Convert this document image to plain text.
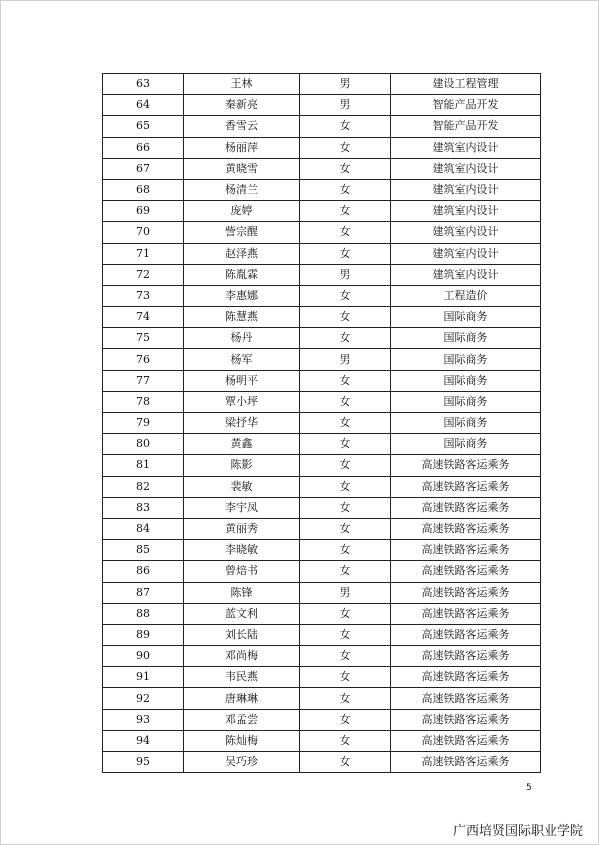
63	王林	男	建设工程管理
64	秦新亮	男	智能产品开发
65	香雪云	女	智能产品开发
66	杨丽萍	女	建筑室内设计
67	黄晓雪	女	建筑室内设计
68	杨清兰	女	建筑室内设计
69	庞婷	女	建筑室内设计
70	訾宗醒	女	建筑室内设计
71	赵泽燕	女	建筑室内设计
72	陈胤霖	男	建筑室内设计
73	李惠娜	女	工程造价
74	陈慧燕	女	国际商务
75	杨丹	女	国际商务
76	杨军	男	国际商务
77	杨明平	女	国际商务
78	覃小坪	女	国际商务
79	梁抒华	女	国际商务
80	黄鑫	女	国际商务
81	陈影	女	高速铁路客运乘务
82	裴敏	女	高速铁路客运乘务
83	李宇凤	女	高速铁路客运乘务
84	黄丽秀	女	高速铁路客运乘务
85	李晓敏	女	高速铁路客运乘务
86	曾焙书	女	高速铁路客运乘务
87	陈锋	男	高速铁路客运乘务
88	蓝文利	女	高速铁路客运乘务
89	刘长陆	女	高速铁路客运乘务
90	邓尚梅	女	高速铁路客运乘务
91	韦民燕	女	高速铁路客运乘务
92	唐琳琳	女	高速铁路客运乘务
93	邓孟尝	女	高速铁路客运乘务
94	陈灿梅	女	高速铁路客运乘务
95	吴巧珍	女	高速铁路客运乘务
5
广西培贤国际职业学院
